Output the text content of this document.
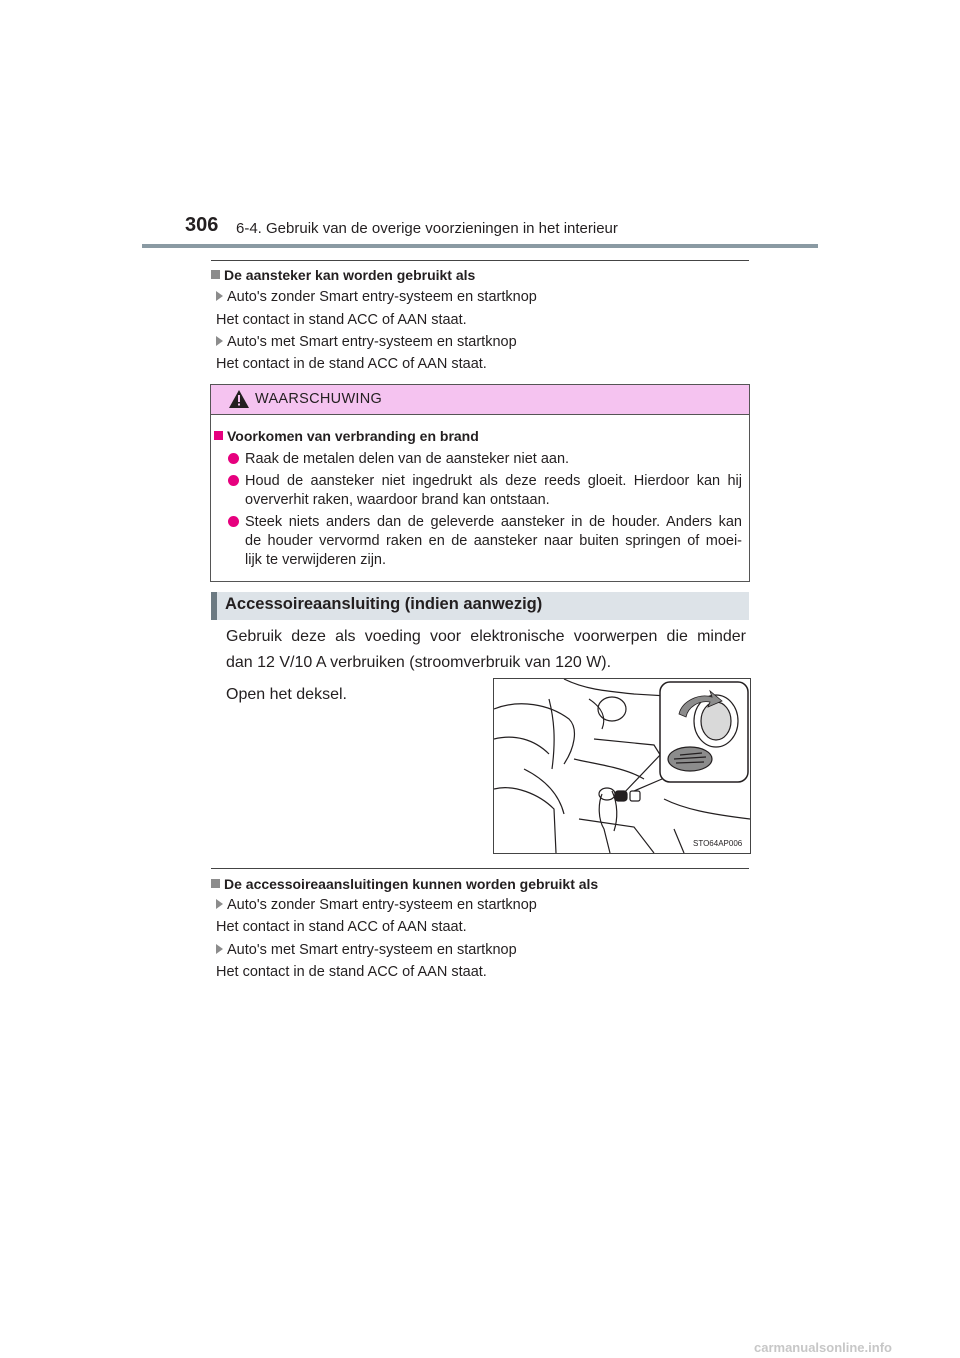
306 6-4. Gebruik van de overige voorzieningen in het interieur
De aansteker kan worden gebruikt als
Auto's zonder Smart entry-systeem en startknop
Het contact in stand ACC of AAN staat.
Auto's met Smart entry-systeem en startknop
Het contact in de stand ACC of AAN staat.
WAARSCHUWING
Voorkomen van verbranding en brand
Raak de metalen delen van de aansteker niet aan.
Houd de aansteker niet ingedrukt als deze reeds gloeit. Hierdoor kan hij
oververhit raken, waardoor brand kan ontstaan.
Steek niets anders dan de geleverde aansteker in de houder. Anders kan
de houder vervormd raken en de aansteker naar buiten springen of moei-
lijk te verwijderen zijn.
Accessoireaansluiting (indien aanwezig)
Gebruik deze als voeding voor elektronische voorwerpen die minder
dan 12 V/10 A verbruiken (stroomverbruik van 120 W).
Open het deksel.
STO64AP006
De accessoireaansluitingen kunnen worden gebruikt als
Auto's zonder Smart entry-systeem en startknop
Het contact in stand ACC of AAN staat.
Auto's met Smart entry-systeem en startknop
Het contact in de stand ACC of AAN staat.
carmanualsonline.info
